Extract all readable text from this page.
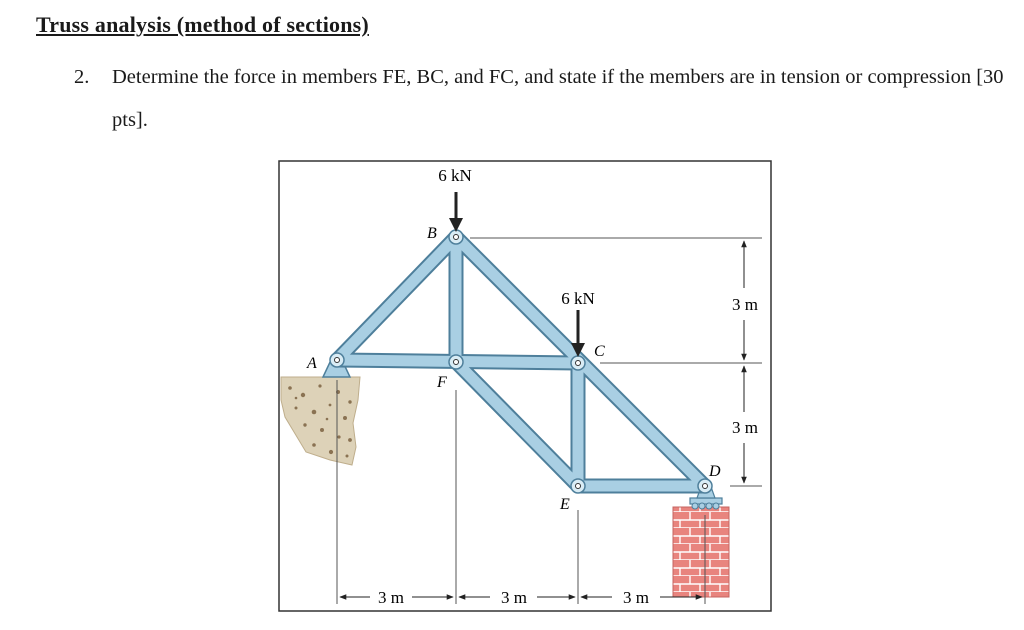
Truss analysis (method of sections)
2. Determine the force in members FE, BC, and FC, and state if the members are in tension or compression [30 pts].
6 kN
6 kN
A
B
F
C
E
D
3 m	3 m	3 m
3 m
3 m
